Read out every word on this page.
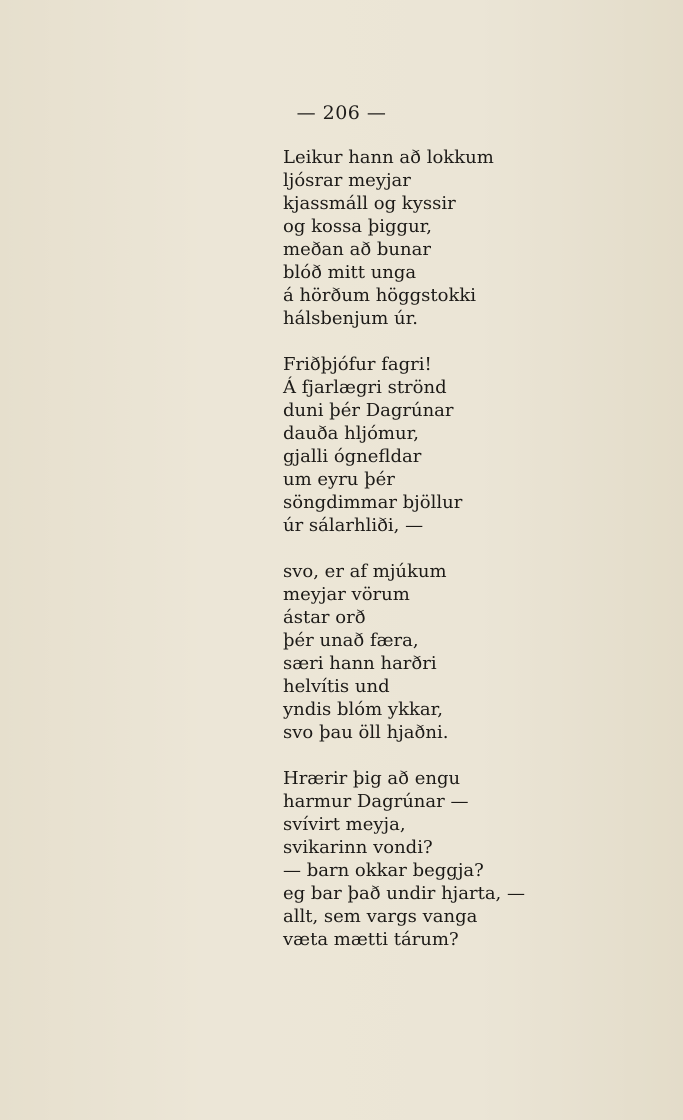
— 206 —
Leikur hann að lokkum
ljósrar meyjar
kjassmáll og kyssir
og kossa þiggur,
meðan að bunar
blóð mitt unga
á hörðum höggstokki
hálsbenjum úr.
Friðþjófur fagri!
Á fjarlægri strönd
duni þér Dagrúnar
dauða hljómur,
gjalli ógnefldar
um eyru þér
söngdimmar bjöllur
úr sálarhliði, —
svo, er af mjúkum
meyjar vörum
ástar orð
þér unað færa,
særi hann harðri
helvítis und
yndis blóm ykkar,
svo þau öll hjaðni.
Hrærir þig að engu
harmur Dagrúnar —
svívirt meyja,
svikarinn vondi?
— barn okkar beggja?
eg bar það undir hjarta, —
allt, sem vargs vanga
væta mætti tárum?
